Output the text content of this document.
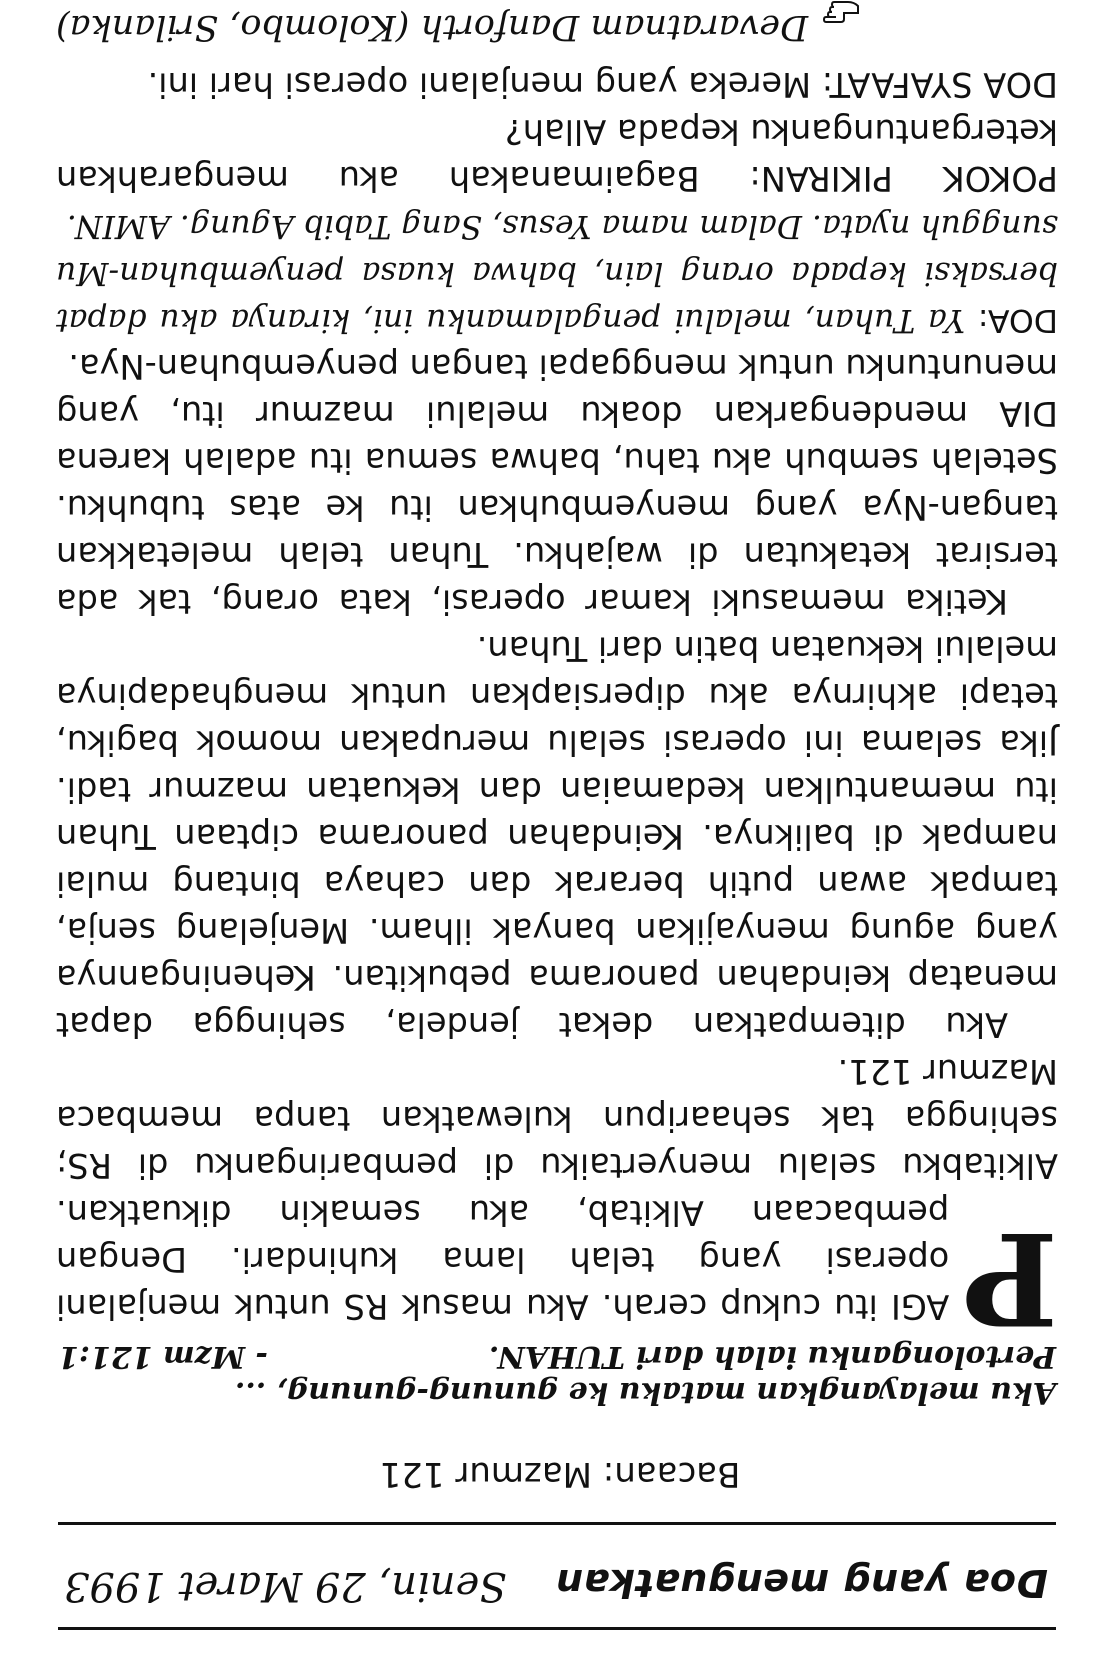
Doa yang menguatkan
Senin, 29 Maret 1993
Bacaan: Mazmur 121
Aku melayangkan mataku ke gunung-gunung, ... Pertolonganku ialah dari TUHAN.
- Mzm 121:1

P
AGI itu cukup cerah. Aku masuk RS untuk menjalani operasi yang telah lama kuhindari. Dengan pembacaan Alkitab, aku semakin dikuatkan. Alkitabku selalu menyertaiku di pembaringanku di RS; sehingga tak sehaaripun kulewatkan tanpa membaca Mazmur 121.

Aku ditempatkan dekat jendela, sehingga dapat menatap keindahan panorama pebukitan. Keheningannya yang agung menyajikan banyak ilham. Menjelang senja, tampak awan putih berarak dan cahaya bintang mulai nampak di baliknya. Keindahan panorama ciptaan Tuhan itu memantulkan kedamaian dan kekuatan mazmur tadi. Jika selama ini operasi selalu merupakan momok bagiku, tetapi akhirnya aku dipersiapkan untuk menghadapinya melalui kekuatan batin dari Tuhan.

Ketika memasuki kamar operasi, kata orang, tak ada tersirat ketakutan di wajahku. Tuhan telah meletakkan tangan-Nya yang menyembuhkan itu ke atas tubuhku. Setelah sembuh aku tahu, bahwa semua itu adalah karena DIA mendengarkan doaku melalui mazmur itu, yang menuntunku untuk menggapai tangan penyembuhan-Nya.

DOA: Ya Tuhan, melalui pengalamanku ini, kiranya aku dapat bersaksi kepada orang lain, bahwa kuasa penyembuhan-Mu sungguh nyata. Dalam nama Yesus, Sang Tabib Agung. AMIN.

POKOK PIKIRAN: Bagaimanakah aku mengarahkan ketergantunganku kepada Allah?

DOA SYAFAAT: Mereka yang menjalani operasi hari ini.

Devaratnam Danforth (Kolombo, Srilanka)
